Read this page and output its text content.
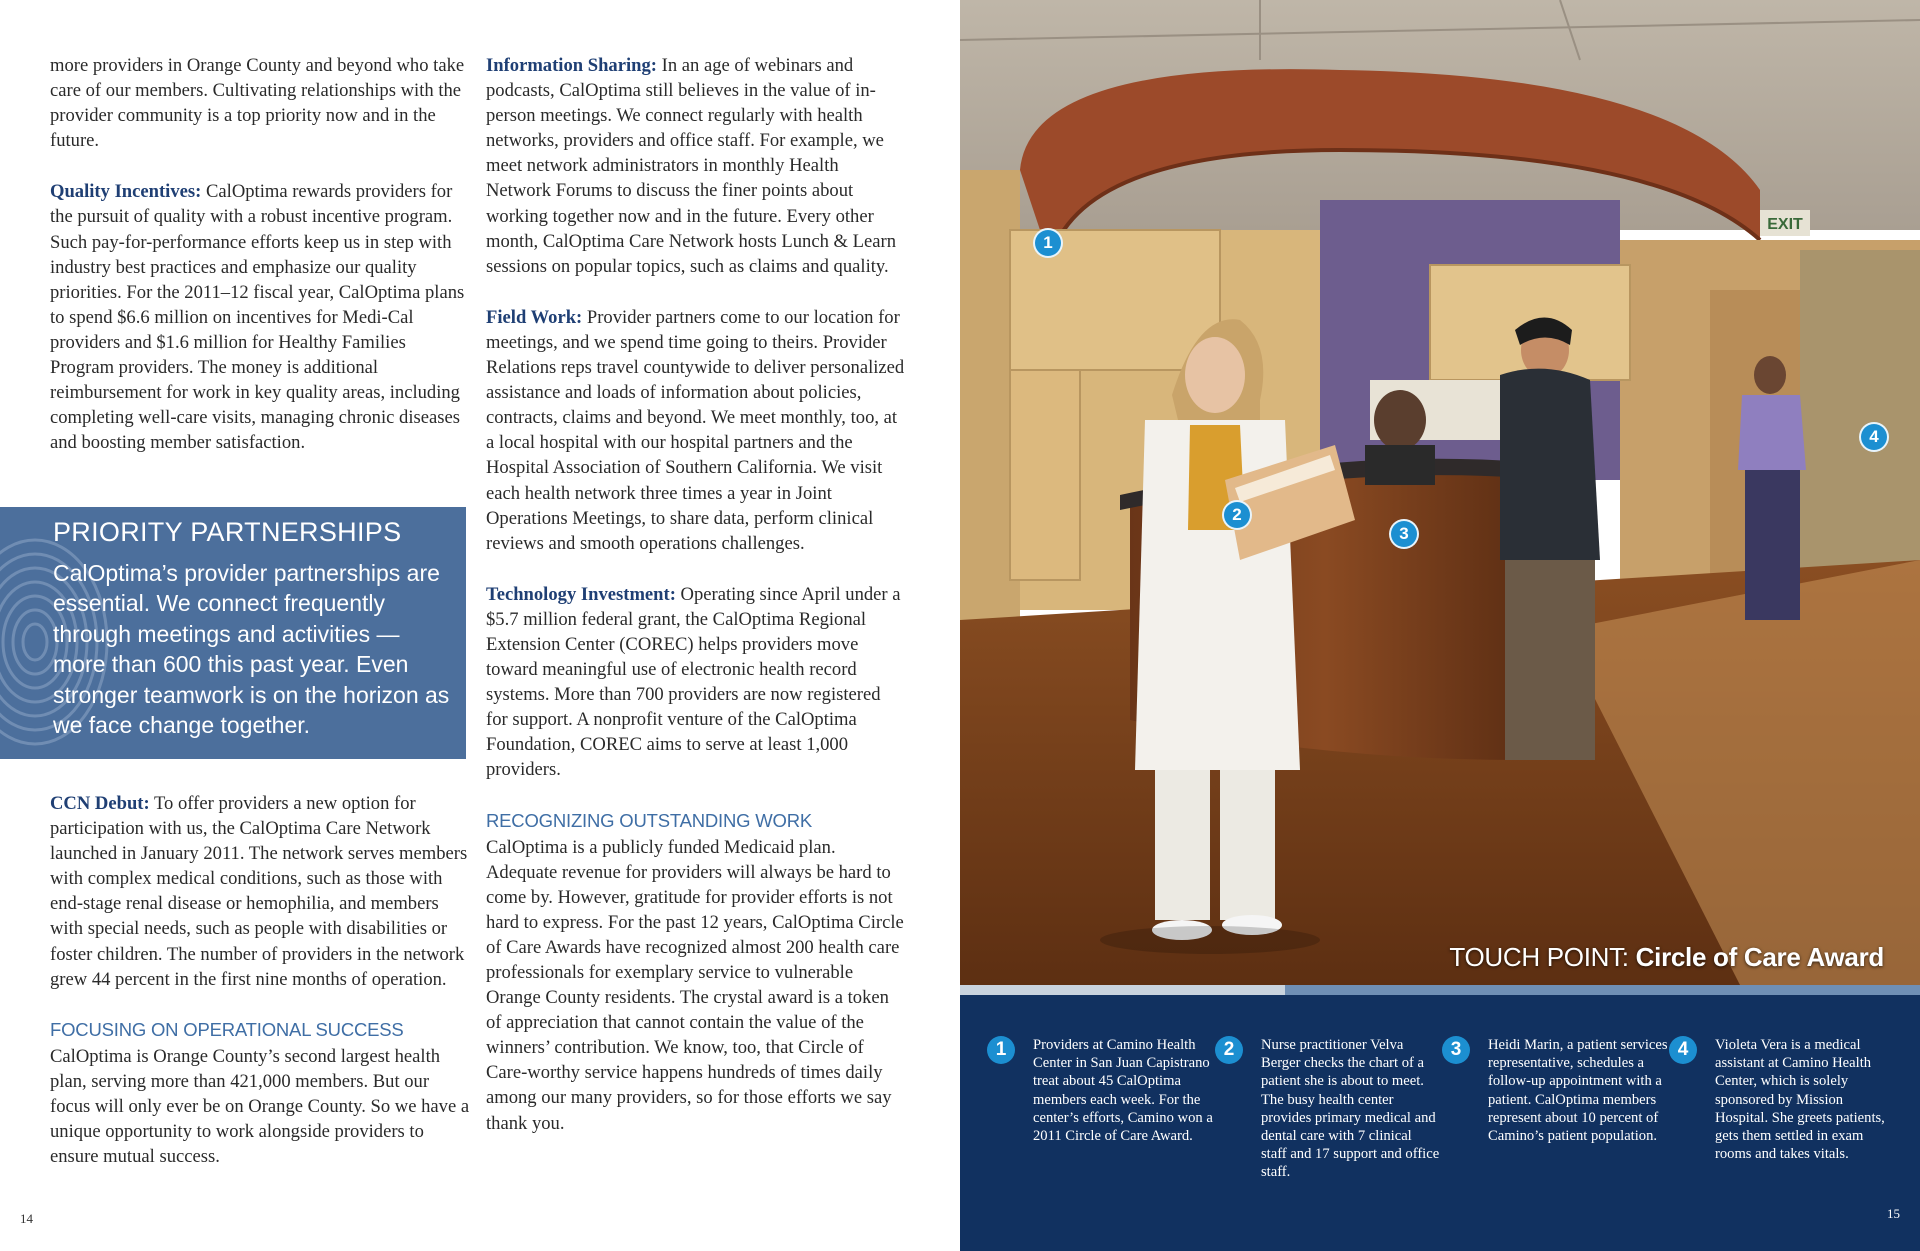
more providers in Orange County and beyond who take care of our members. Cultivating relationships with the provider community is a top priority now and in the future.

Quality Incentives: CalOptima rewards providers for the pursuit of quality with a robust incentive program. Such pay-for-performance efforts keep us in step with industry best practices and emphasize our quality priorities. For the 2011–12 fiscal year, CalOptima plans to spend $6.6 million on incentives for Medi-Cal providers and $1.6 million for Healthy Families Program providers. The money is additional reimbursement for work in key quality areas, including completing well-care visits, managing chronic diseases and boosting member satisfaction.

PRIORITY PARTNERSHIPS
CalOptima’s provider partnerships are essential. We connect frequently through meetings and activities — more than 600 this past year. Even stronger teamwork is on the horizon as we face change together.

CCN Debut: To offer providers a new option for participation with us, the CalOptima Care Network launched in January 2011. The network serves members with complex medical conditions, such as those with end-stage renal disease or hemophilia, and members with special needs, such as people with disabilities or foster children. The number of providers in the network grew 44 percent in the first nine months of operation.

FOCUSING ON OPERATIONAL SUCCESS

CalOptima is Orange County’s second largest health plan, serving more than 421,000 members. But our focus will only ever be on Orange County. So we have a unique opportunity to work alongside providers to ensure mutual success.

Information Sharing: In an age of webinars and podcasts, CalOptima still believes in the value of in-person meetings. We connect regularly with health networks, providers and office staff. For example, we meet network administrators in monthly Health Network Forums to discuss the finer points about working together now and in the future. Every other month, CalOptima Care Network hosts Lunch & Learn sessions on popular topics, such as claims and quality.

Field Work: Provider partners come to our location for meetings, and we spend time going to theirs. Provider Relations reps travel countywide to deliver personalized assistance and loads of information about policies, contracts, claims and beyond. We meet monthly, too, at a local hospital with our hospital partners and the Hospital Association of Southern California. We visit each health network three times a year in Joint Operations Meetings, to share data, perform clinical reviews and smooth operations challenges.

Technology Investment: Operating since April under a $5.7 million federal grant, the CalOptima Regional Extension Center (COREC) helps providers move toward meaningful use of electronic health record systems. More than 700 providers are now registered for support. A nonprofit venture of the CalOptima Foundation, COREC aims to serve at least 1,000 providers.

RECOGNIZING OUTSTANDING WORK

CalOptima is a publicly funded Medicaid plan. Adequate revenue for providers will always be hard to come by. However, gratitude for provider efforts is not hard to express. For the past 12 years, CalOptima Circle of Care Awards have recognized almost 200 health care professionals for exemplary service to vulnerable Orange County residents. The crystal award is a token of appreciation that cannot contain the value of the winners’ contribution. We know, too, that Circle of Care-worthy service happens hundreds of times daily among our many providers, so for those efforts we say thank you.

14
EXIT
1
2
3
4
TOUCH POINT: Circle of Care Award
1	Providers at Camino Health Center in San Juan Capistrano treat about 45 CalOptima members each week. For the center’s efforts, Camino won a 2011 Circle of Care Award.
2	Nurse practitioner Velva Berger checks the chart of a patient she is about to meet. The busy health center provides primary medical and dental care with 7 clinical staff and 17 support and office staff.
3	Heidi Marin, a patient services representative, schedules a follow-up appointment with a patient. CalOptima members represent about 10 percent of Camino’s patient population.
4	Violeta Vera is a medical assistant at Camino Health Center, which is solely sponsored by Mission Hospital. She greets patients, gets them settled in exam rooms and takes vitals.
15
